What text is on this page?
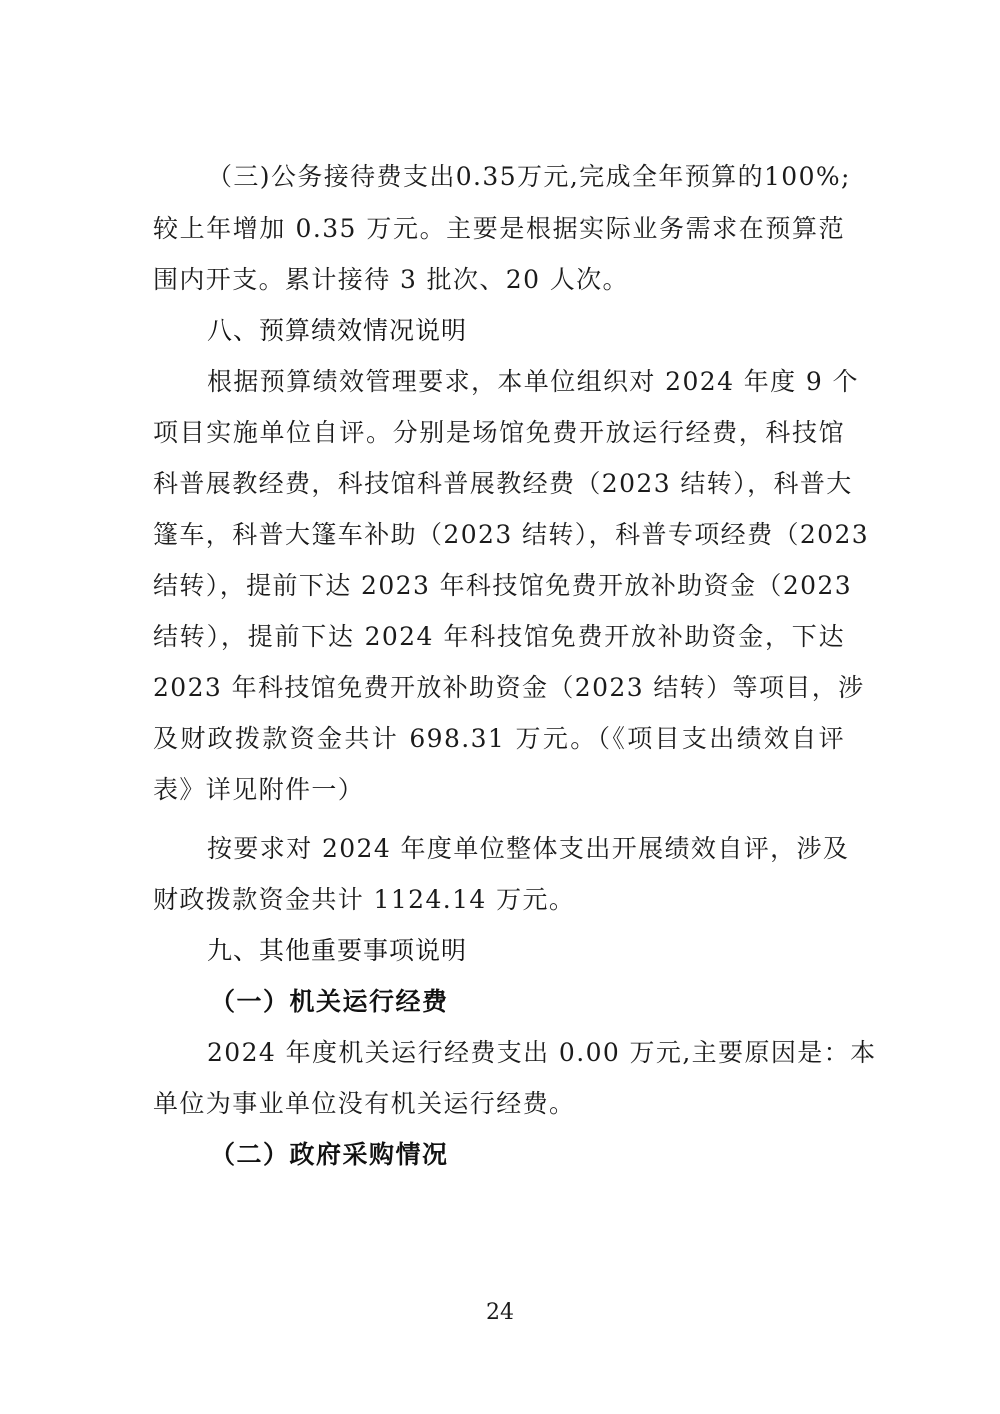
（三)公务接待费支出0.35万元,完成全年预算的100%;
较上年增加 0.35 万元。主要是根据实际业务需求在预算范
围内开支。累计接待 3 批次、20 人次。
八、预算绩效情况说明
根据预算绩效管理要求，本单位组织对 2024 年度 9 个
项目实施单位自评。分别是场馆免费开放运行经费，科技馆
科普展教经费，科技馆科普展教经费（2023 结转），科普大
篷车，科普大篷车补助（2023 结转），科普专项经费（2023
结转），提前下达 2023 年科技馆免费开放补助资金（2023
结转），提前下达 2024 年科技馆免费开放补助资金，下达
2023 年科技馆免费开放补助资金（2023 结转）等项目，涉
及财政拨款资金共计 698.31 万元。（《项目支出绩效自评
表》详见附件一）
按要求对 2024 年度单位整体支出开展绩效自评，涉及
财政拨款资金共计 1124.14 万元。
九、其他重要事项说明
（一）机关运行经费
2024 年度机关运行经费支出 0.00 万元,主要原因是：本
单位为事业单位没有机关运行经费。
（二）政府采购情况
24
